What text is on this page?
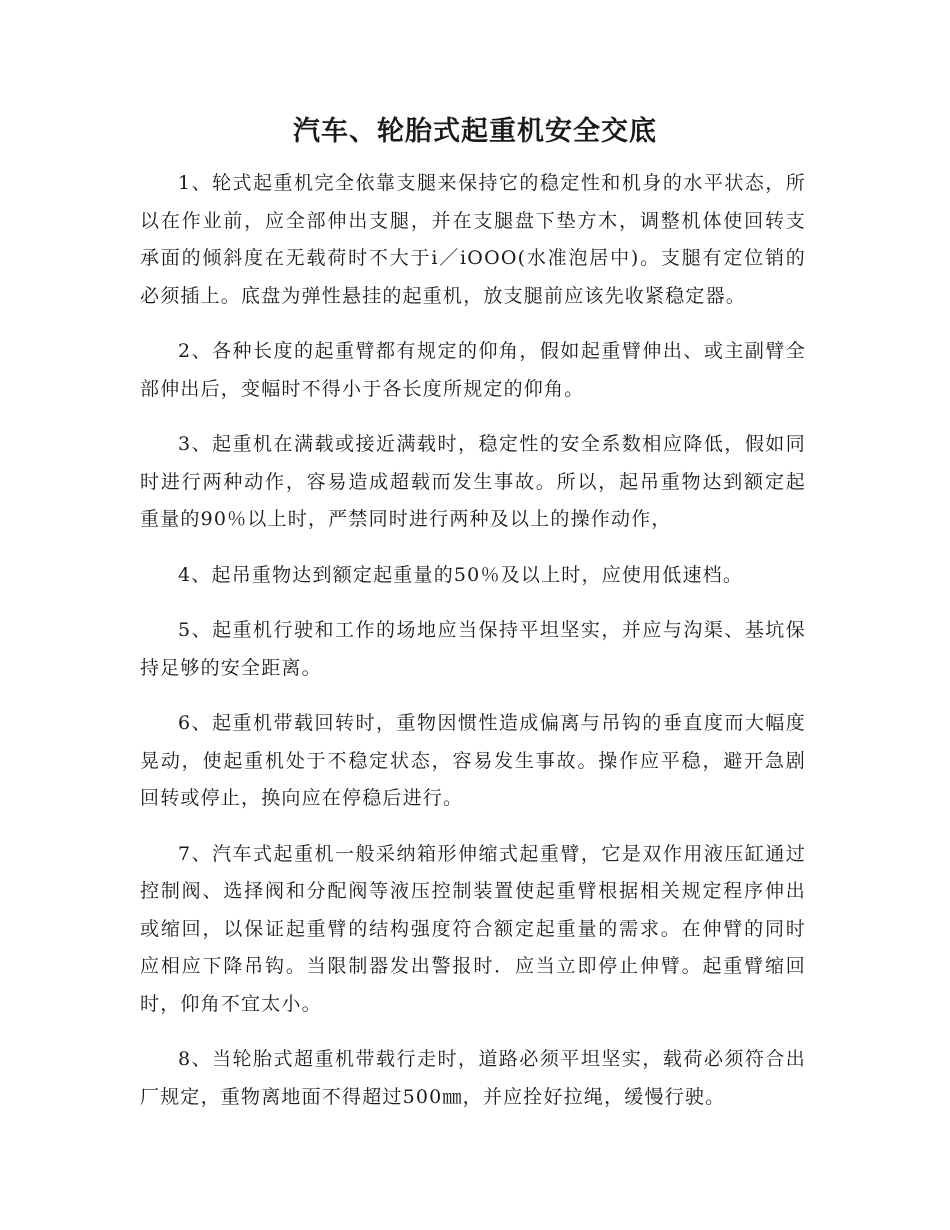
汽车、轮胎式起重机安全交底

1、轮式起重机完全依靠支腿来保持它的稳定性和机身的水平状态，所以在作业前，应全部伸出支腿，并在支腿盘下垫方木，调整机体使回转支承面的倾斜度在无载荷时不大于i／iOOO(水准泡居中)。支腿有定位销的必须插上。底盘为弹性悬挂的起重机，放支腿前应该先收紧稳定器。

2、各种长度的起重臂都有规定的仰角，假如起重臂伸出、或主副臂全部伸出后，变幅时不得小于各长度所规定的仰角。

3、起重机在满载或接近满载时，稳定性的安全系数相应降低，假如同时进行两种动作，容易造成超载而发生事故。所以，起吊重物达到额定起重量的90％以上时，严禁同时进行两种及以上的操作动作，

4、起吊重物达到额定起重量的50％及以上时，应使用低速档。

5、起重机行驶和工作的场地应当保持平坦坚实，并应与沟渠、基坑保持足够的安全距离。

6、起重机带载回转时，重物因惯性造成偏离与吊钩的垂直度而大幅度晃动，使起重机处于不稳定状态，容易发生事故。操作应平稳，避开急剧回转或停止，换向应在停稳后进行。

7、汽车式起重机一般采纳箱形伸缩式起重臂，它是双作用液压缸通过控制阀、选择阀和分配阀等液压控制装置使起重臂根据相关规定程序伸出或缩回，以保证起重臂的结构强度符合额定起重量的需求。在伸臂的同时应相应下降吊钩。当限制器发出警报时．应当立即停止伸臂。起重臂缩回时，仰角不宜太小。

8、当轮胎式超重机带载行走时，道路必须平坦坚实，载荷必须符合出厂规定，重物离地面不得超过500㎜，并应拴好拉绳，缓慢行驶。
